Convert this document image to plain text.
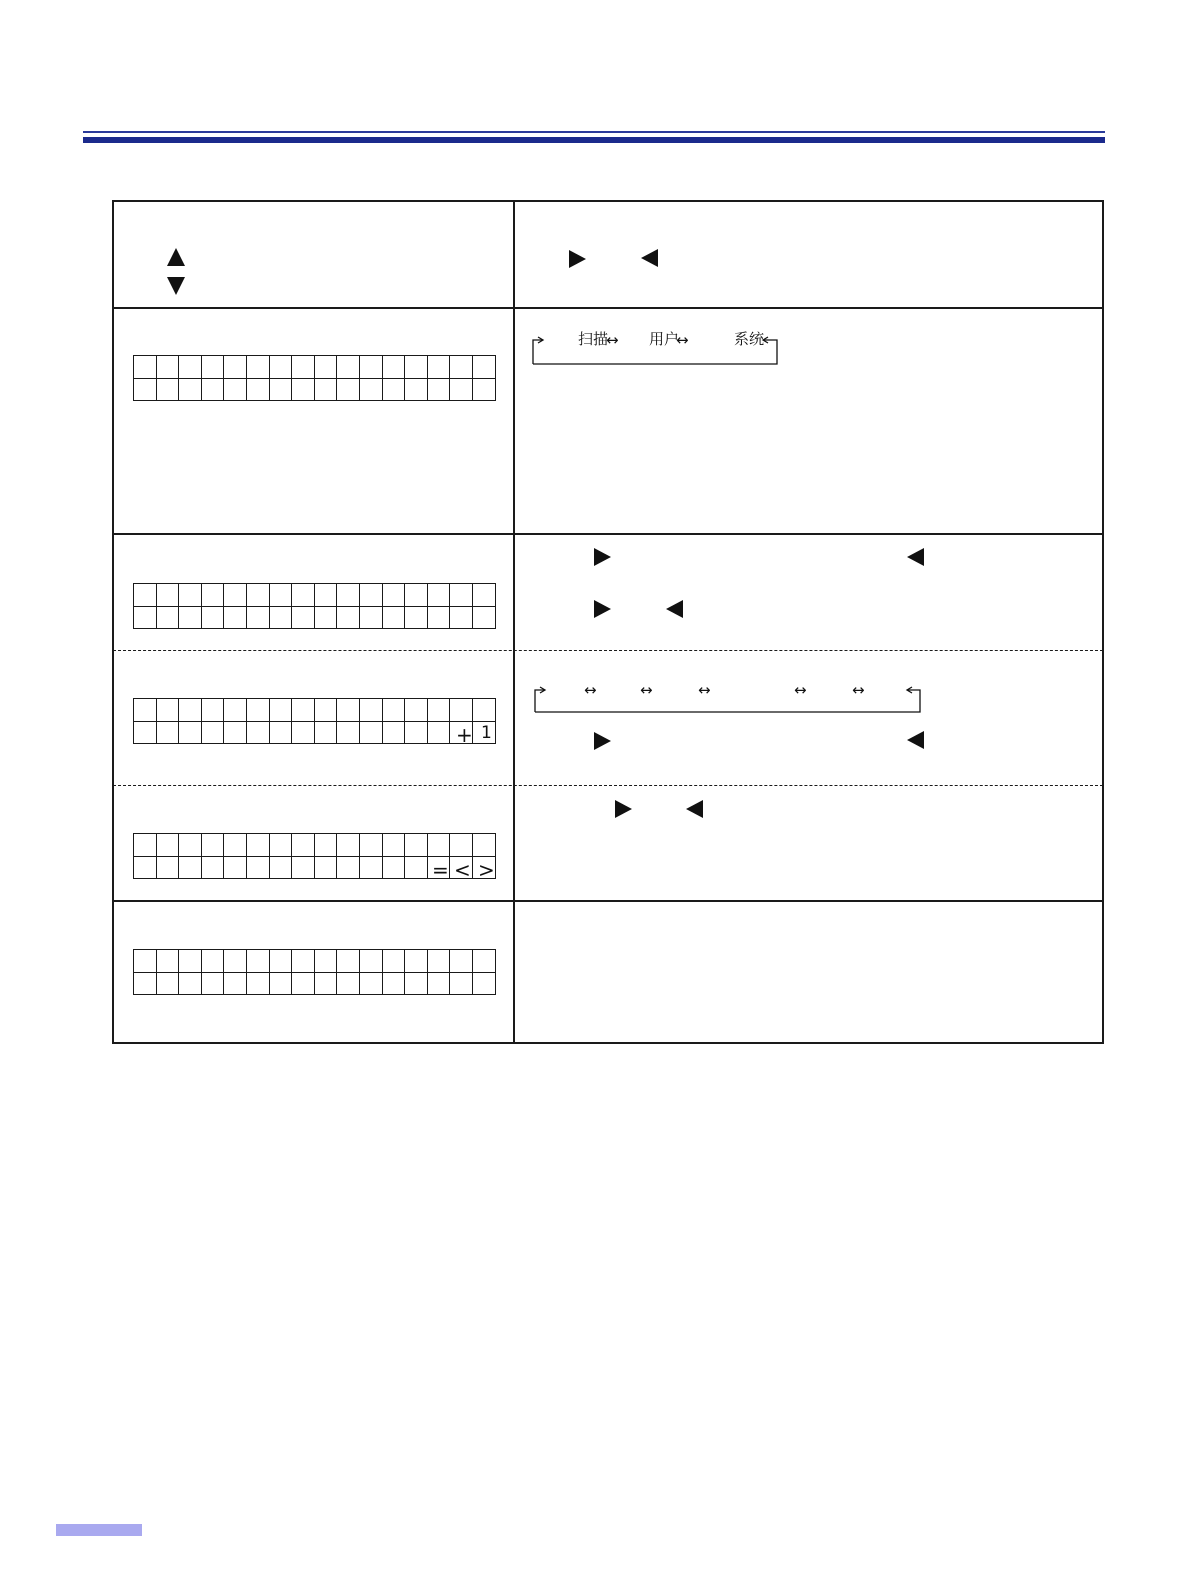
扫描
↔ 用户
↔	系统
+ 1
↔	↔	↔	↔	↔
= < >
